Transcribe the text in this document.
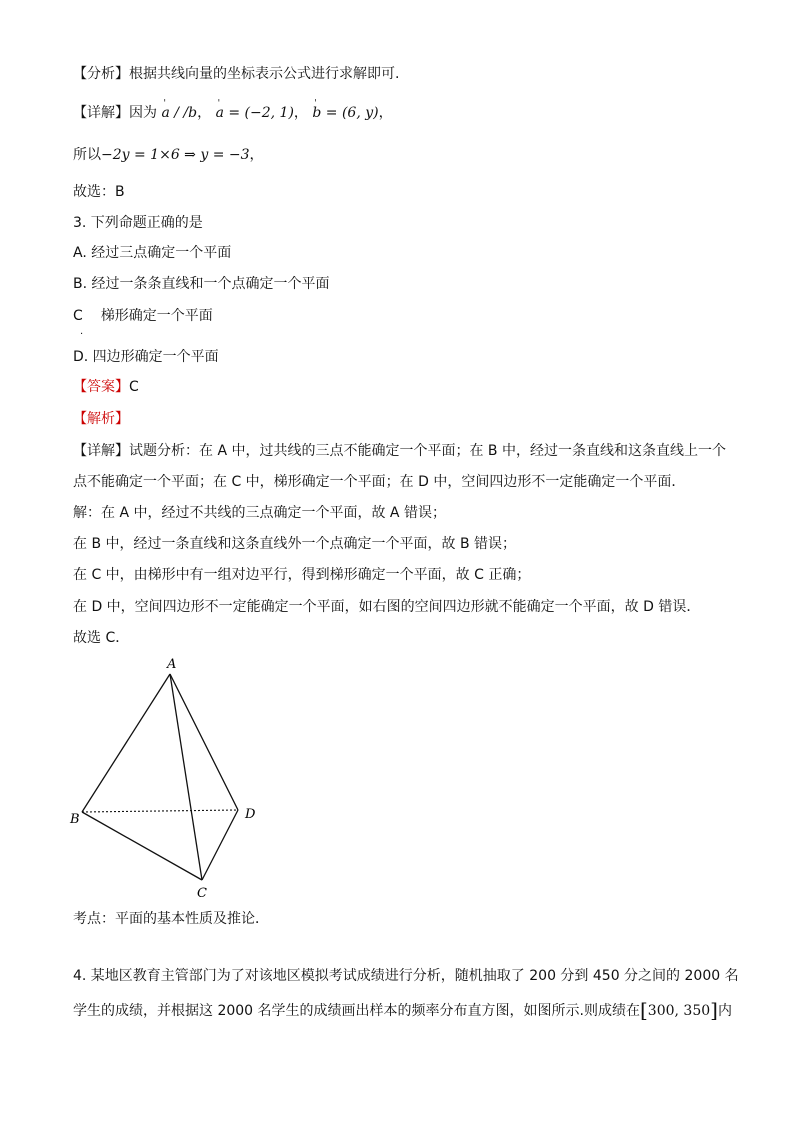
【分析】根据共线向量的坐标表示公式进行求解即可.
【详解】因为 ' a / /b， ' a = (−2, 1)， ' b = (6, y)，
所以−2y = 1×6 ⇒ y = −3，
故选：B
3. 下列命题正确的是
A. 经过三点确定一个平面
B. 经过一条条直线和一个点确定一个平面
C 梯形确定一个平面
.
D. 四边形确定一个平面
【答案】C
【解析】
【详解】试题分析：在 A 中，过共线的三点不能确定一个平面；在 B 中，经过一条直线和这条直线上一个
点不能确定一个平面；在 C 中，梯形确定一个平面；在 D 中，空间四边形不一定能确定一个平面．
解：在 A 中，经过不共线的三点确定一个平面，故 A 错误；
在 B 中，经过一条直线和这条直线外一个点确定一个平面，故 B 错误；
在 C 中，由梯形中有一组对边平行，得到梯形确定一个平面，故 C 正确；
在 D 中，空间四边形不一定能确定一个平面，如右图的空间四边形就不能确定一个平面，故 D 错误．
故选 C．
A
B
C
D
考点：平面的基本性质及推论．
4. 某地区教育主管部门为了对该地区模拟考试成绩进行分析，随机抽取了 200 分到 450 分之间的 2000 名
学生的成绩，并根据这 2000 名学生的成绩画出样本的频率分布直方图，如图所示.则成绩在[300, 350]内
